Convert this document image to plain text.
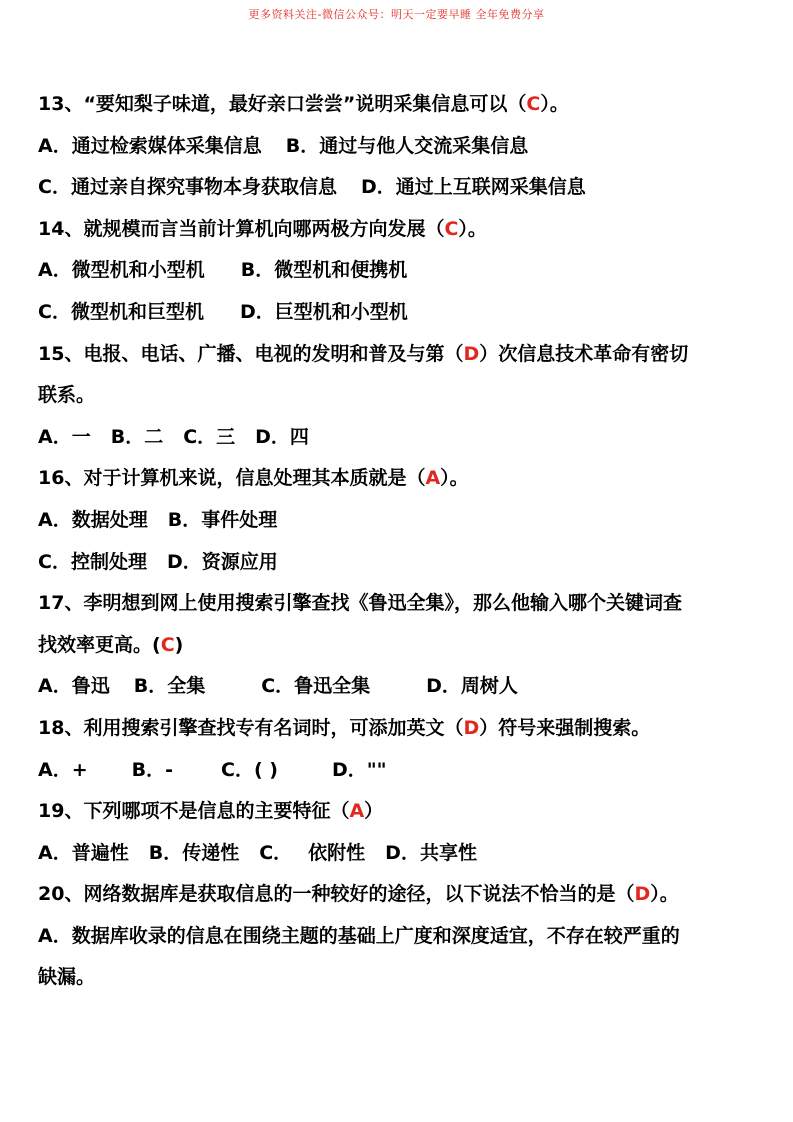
更多资料关注-微信公众号：明天一定要早睡 全年免费分享
13、“要知梨子味道，最好亲口尝尝”说明采集信息可以（C）。
A．通过检索媒体采集信息 B．通过与他人交流采集信息
C．通过亲自探究事物本身获取信息 D．通过上互联网采集信息
14、就规模而言当前计算机向哪两极方向发展（C）。
A．微型机和小型机 B．微型机和便携机
C．微型机和巨型机 D．巨型机和小型机
15、电报、电话、广播、电视的发明和普及与第（D）次信息技术革命有密切
联系。
A．一 B．二 C．三 D．四
16、对于计算机来说，信息处理其本质就是（A）。
A．数据处理 B．事件处理
C．控制处理 D．资源应用
17、李明想到网上使用搜索引擎查找《鲁迅全集》，那么他输入哪个关键词查
找效率更高。(C)
A．鲁迅 B．全集	C．鲁迅全集	D．周树人
18、利用搜索引擎查找专有名词时，可添加英文（D）符号来强制搜索。
A．+ B．-	C．( )	D．""
19、下列哪项不是信息的主要特征（A）
A．普遍性 B．传递性 C． 依附性 D．共享性
20、网络数据库是获取信息的一种较好的途径，以下说法不恰当的是（D）。
A．数据库收录的信息在围绕主题的基础上广度和深度适宜，不存在较严重的
缺漏。
